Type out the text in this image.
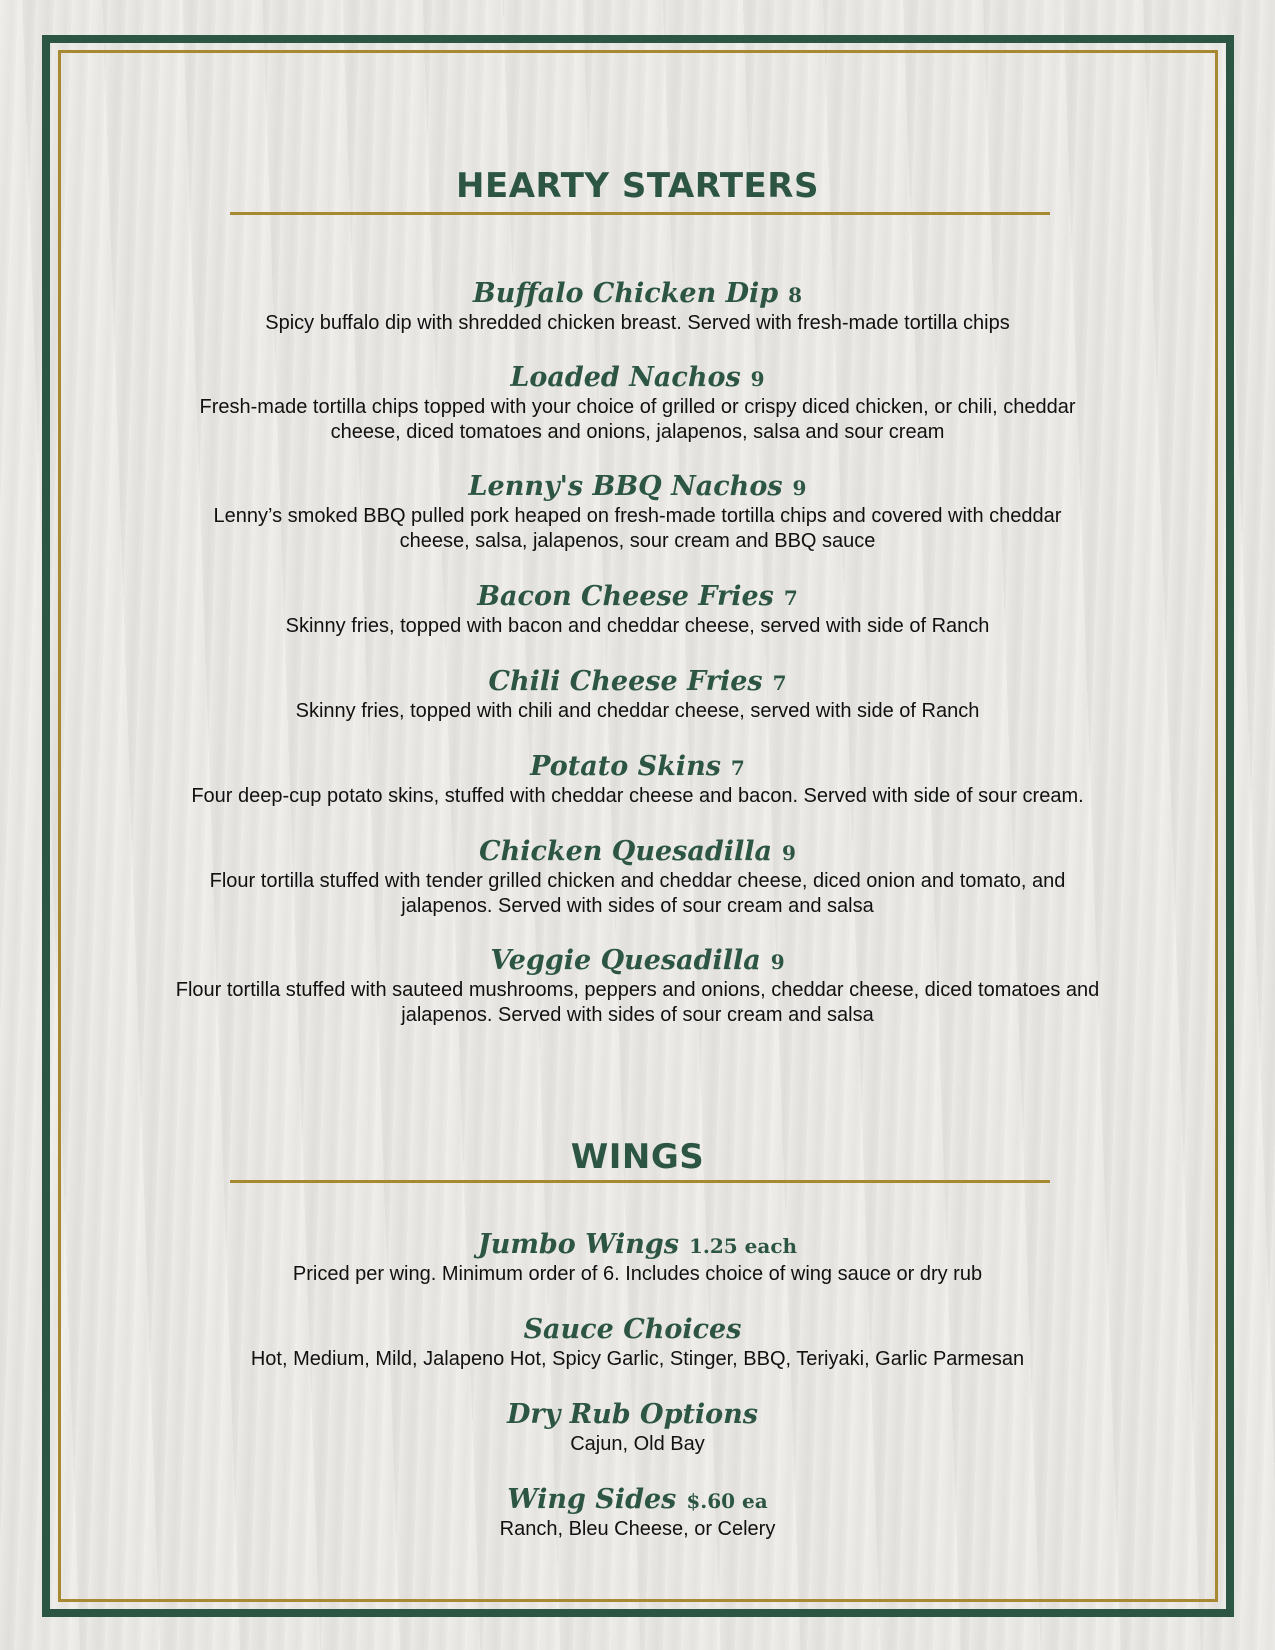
HEARTY STARTERS

Buffalo Chicken Dip 8

Spicy buffalo dip with shredded chicken breast. Served with fresh-made tortilla chips

Loaded Nachos 9

Fresh-made tortilla chips topped with your choice of grilled or crispy diced chicken, or chili, cheddar cheese, diced tomatoes and onions, jalapenos, salsa and sour cream

Lenny's BBQ Nachos 9

Lenny’s smoked BBQ pulled pork heaped on fresh-made tortilla chips and covered with cheddar cheese, salsa, jalapenos, sour cream and BBQ sauce

Bacon Cheese Fries 7

Skinny fries, topped with bacon and cheddar cheese, served with side of Ranch

Chili Cheese Fries 7

Skinny fries, topped with chili and cheddar cheese, served with side of Ranch

Potato Skins 7

Four deep-cup potato skins, stuffed with cheddar cheese and bacon. Served with side of sour cream.

Chicken Quesadilla 9

Flour tortilla stuffed with tender grilled chicken and cheddar cheese, diced onion and tomato, and jalapenos. Served with sides of sour cream and salsa

Veggie Quesadilla 9

Flour tortilla stuffed with sauteed mushrooms, peppers and onions, cheddar cheese, diced tomatoes and jalapenos. Served with sides of sour cream and salsa

WINGS

Jumbo Wings 1.25 each

Priced per wing. Minimum order of 6. Includes choice of wing sauce or dry rub

Sauce Choices

Hot, Medium, Mild, Jalapeno Hot, Spicy Garlic, Stinger, BBQ, Teriyaki, Garlic Parmesan

Dry Rub Options

Cajun, Old Bay

Wing Sides $.60 ea

Ranch, Bleu Cheese, or Celery
